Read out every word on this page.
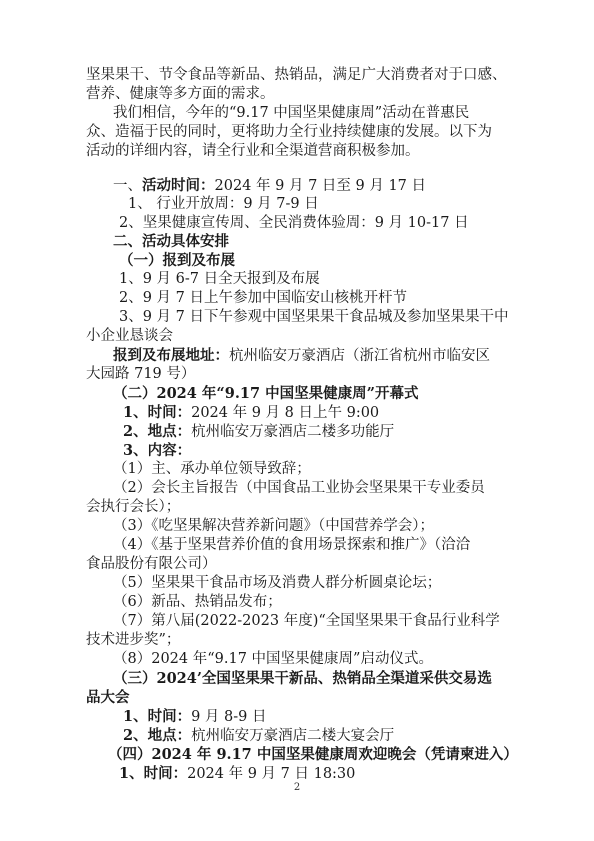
坚果果干、节令食品等新品、热销品，满足广大消费者对于口感、
营养、健康等多方面的需求。
我们相信，今年的“9.17 中国坚果健康周”活动在普惠民
众、造福于民的同时，更将助力全行业持续健康的发展。以下为
活动的详细内容，请全行业和全渠道营商积极参加。
一、活动时间：2024 年 9 月 7 日至 9 月 17 日
1、 行业开放周：9 月 7-9 日
2、坚果健康宣传周、全民消费体验周：9 月 10-17 日
二、活动具体安排
（一）报到及布展
1、9 月 6-7 日全天报到及布展
2、9 月 7 日上午参加中国临安山核桃开杆节
3、9 月 7 日下午参观中国坚果果干食品城及参加坚果果干中
小企业恳谈会
报到及布展地址：杭州临安万豪酒店（浙江省杭州市临安区
大园路 719 号）
（二）2024 年“9.17 中国坚果健康周”开幕式
1、时间：2024 年 9 月 8 日上午 9:00
2、地点：杭州临安万豪酒店二楼多功能厅
3、内容：
（1）主、承办单位领导致辞；
（2）会长主旨报告（中国食品工业协会坚果果干专业委员
会执行会长）；
（3）《吃坚果解决营养新问题》（中国营养学会）；
（4）《基于坚果营养价值的食用场景探索和推广》（洽洽
食品股份有限公司）
（5）坚果果干食品市场及消费人群分析圆桌论坛；
（6）新品、热销品发布；
（7）第八届(2022-2023 年度)“全国坚果果干食品行业科学
技术进步奖”；
（8）2024 年“9.17 中国坚果健康周”启动仪式。
（三）2024’全国坚果果干新品、热销品全渠道采供交易选
品大会
1、时间：9 月 8-9 日
2、地点：杭州临安万豪酒店二楼大宴会厅
（四）2024 年 9.17 中国坚果健康周欢迎晚会（凭请柬进入）
1、时间：2024 年 9 月 7 日 18:30
2
